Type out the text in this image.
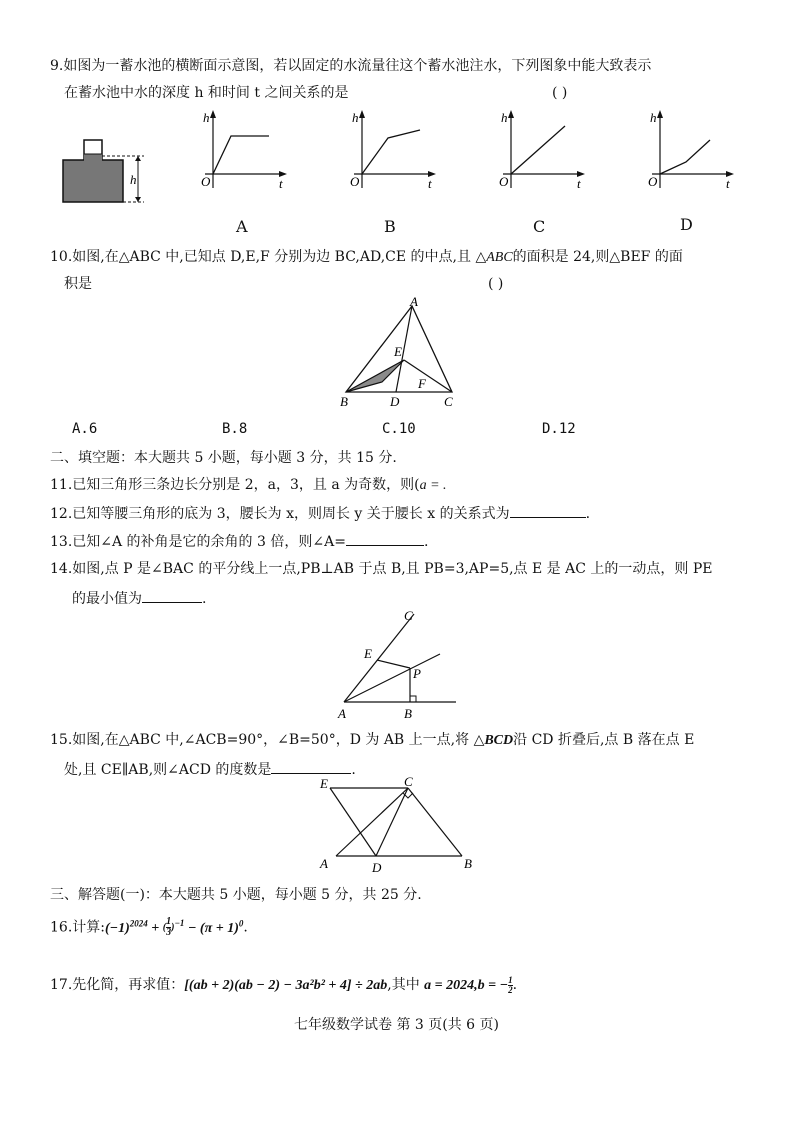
9.如图为一蓄水池的横断面示意图，若以固定的水流量往这个蓄水池注水，下列图象中能大致表示
在蓄水池中水的深度 h 和时间 t 之间关系的是	( )
h
h
t
O
h
t
O
h
t
O
h
t
O
A	B	C	D
10.如图,在△ABC 中,已知点 D,E,F 分别为边 BC,AD,CE 的中点,且 △ABC的面积是 24,则△BEF 的面
积是	( )
A
E
F
B	D	C
A.6	B.8	C.10	D.12
二、填空题：本大题共 5 小题，每小题 3 分，共 15 分.
11.已知三角形三条边长分别是 2，a，3，且 a 为奇数，则(a = .
12.已知等腰三角形的底为 3，腰长为 x，则周长 y 关于腰长 x 的关系式为	.
13.已知∠A 的补角是它的余角的 3 倍，则∠A=	.
14.如图,点 P 是∠BAC 的平分线上一点,PB⊥AB 于点 B,且 PB=3,AP=5,点 E 是 AC 上的一动点，则 PE
的最小值为	.
C
E
P
A	B
15.如图,在△ABC 中,∠ACB=90°，∠B=50°，D 为 AB 上一点,将 △BCD沿 CD 折叠后,点 B 落在点 E
处,且 CE∥AB,则∠ACD 的度数是	.
E	C
A	D	B
三、解答题(一)：本大题共 5 小题，每小题 5 分，共 25 分.
16.计算$:(-1)^{2024}$ + ( $\frac{1}{3} )^{-1} - (\pi + 1)^0$.
17.先化简，再求值：[(ab + 2)(ab − 2) − 3a²b² + 4] ÷ 2ab,其中 a = 2024,b = − $\frac{1}{2}$ .
七年级数学试卷 第 3 页(共 6 页)
